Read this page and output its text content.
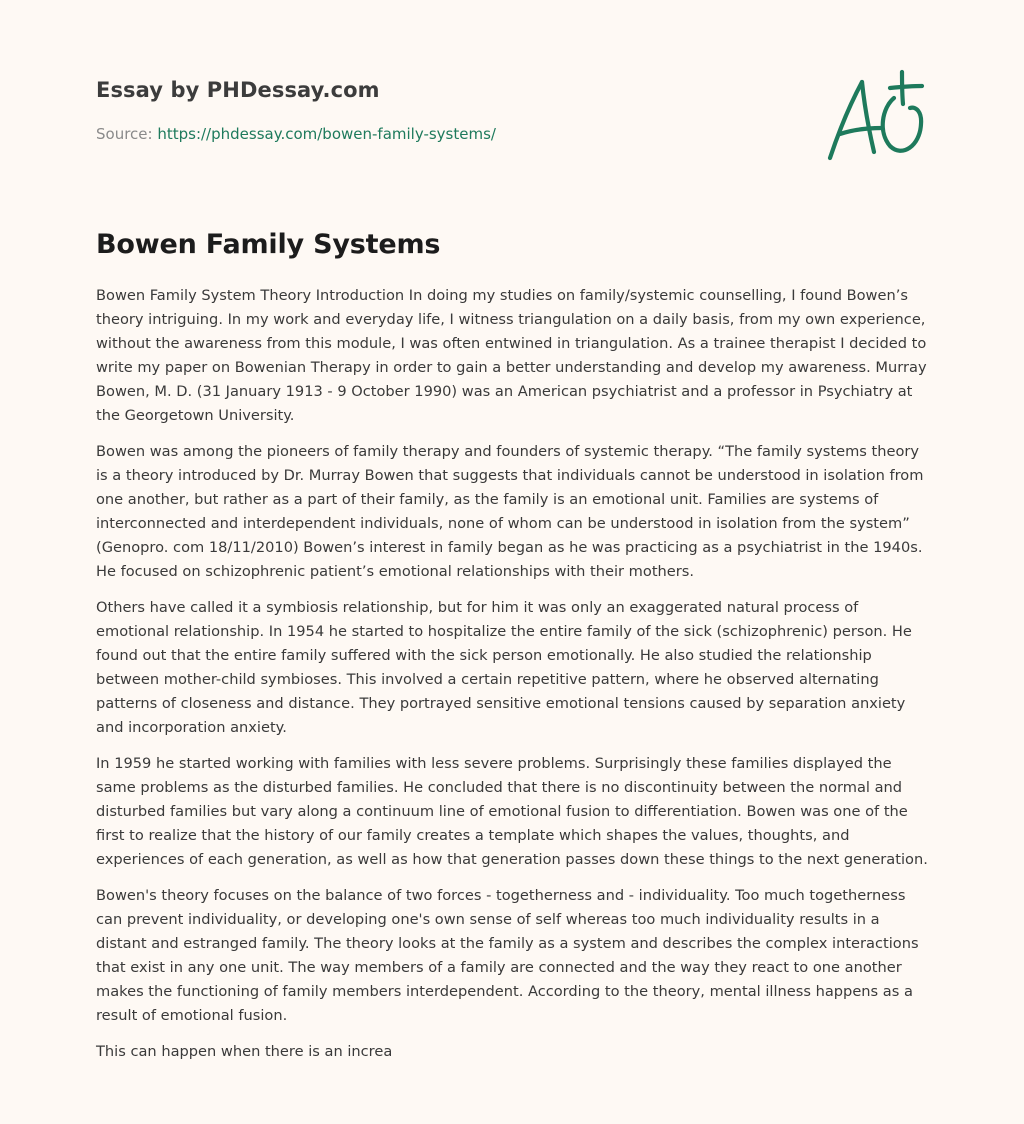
Essay by PHDessay.com
Source: https://phdessay.com/bowen-family-systems/
Bowen Family Systems

Bowen Family System Theory Introduction In doing my studies on family/systemic counselling, I found Bowen’s theory intriguing. In my work and everyday life, I witness triangulation on a daily basis, from my own experience, without the awareness from this module, I was often entwined in triangulation. As a trainee therapist I decided to write my paper on Bowenian Therapy in order to gain a better understanding and develop my awareness. Murray Bowen, M. D. (31 January 1913 - 9 October 1990) was an American psychiatrist and a professor in Psychiatry at the Georgetown University.

Bowen was among the pioneers of family therapy and founders of systemic therapy. “The family systems theory is a theory introduced by Dr. Murray Bowen that suggests that individuals cannot be understood in isolation from one another, but rather as a part of their family, as the family is an emotional unit. Families are systems of interconnected and interdependent individuals, none of whom can be understood in isolation from the system” (Genopro. com 18/11/2010) Bowen’s interest in family began as he was practicing as a psychiatrist in the 1940s. He focused on schizophrenic patient’s emotional relationships with their mothers.

Others have called it a symbiosis relationship, but for him it was only an exaggerated natural process of emotional relationship. In 1954 he started to hospitalize the entire family of the sick (schizophrenic) person. He found out that the entire family suffered with the sick person emotionally. He also studied the relationship between mother-child symbioses. This involved a certain repetitive pattern, where he observed alternating patterns of closeness and distance. They portrayed sensitive emotional tensions caused by separation anxiety and incorporation anxiety.

In 1959 he started working with families with less severe problems. Surprisingly these families displayed the same problems as the disturbed families. He concluded that there is no discontinuity between the normal and disturbed families but vary along a continuum line of emotional fusion to differentiation. Bowen was one of the first to realize that the history of our family creates a template which shapes the values, thoughts, and experiences of each generation, as well as how that generation passes down these things to the next generation.

Bowen's theory focuses on the balance of two forces - togetherness and - individuality. Too much togetherness can prevent individuality, or developing one's own sense of self whereas too much individuality results in a distant and estranged family. The theory looks at the family as a system and describes the complex interactions that exist in any one unit. The way members of a family are connected and the way they react to one another makes the functioning of family members interdependent. According to the theory, mental illness happens as a result of emotional fusion.

This can happen when there is an increa
